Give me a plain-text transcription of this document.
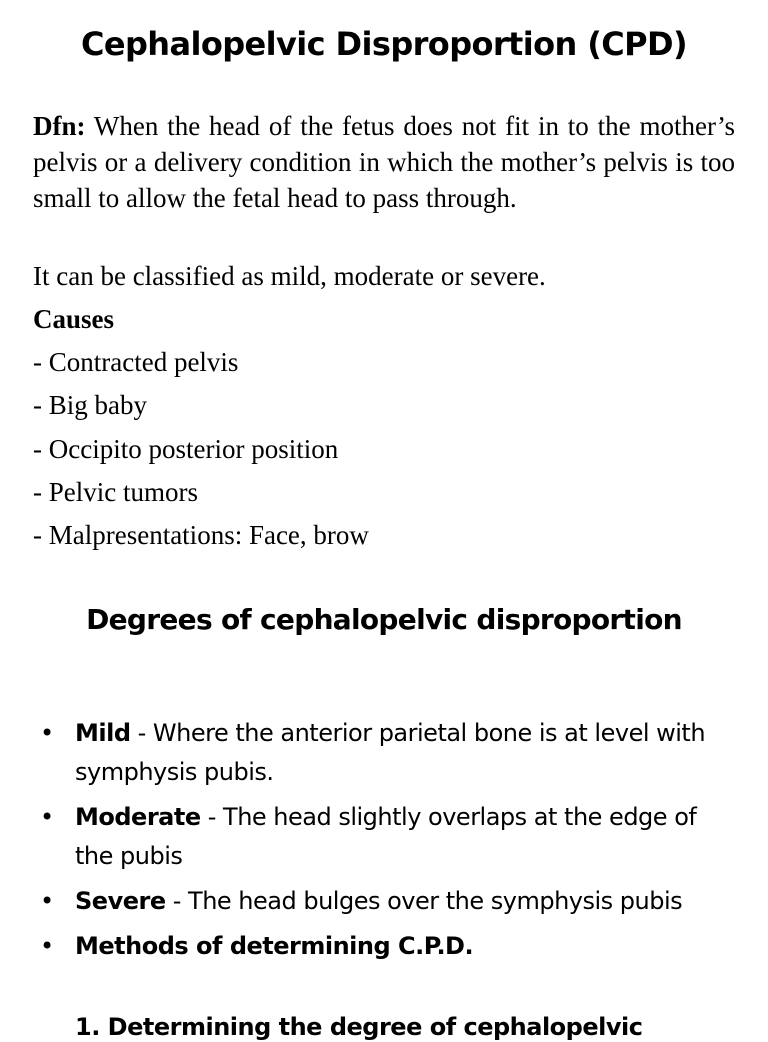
Cephalopelvic Disproportion (CPD)

Dfn: When the head of the fetus does not fit in to the mother’s pelvis or a delivery condition in which the mother’s pelvis is too small to allow the fetal head to pass through.

It can be classified as mild, moderate or severe.

Causes

- Contracted pelvis
- Big baby
- Occipito posterior position
- Pelvic tumors
- Malpresentations: Face, brow
Degrees of cephalopelvic disproportion
• Mild - Where the anterior parietal bone is at level with symphysis pubis.
• Moderate - The head slightly overlaps at the edge of the pubis
• Severe - The head bulges over the symphysis pubis
• Methods of determining C.P.D.
1. Determining the degree of cephalopelvic
